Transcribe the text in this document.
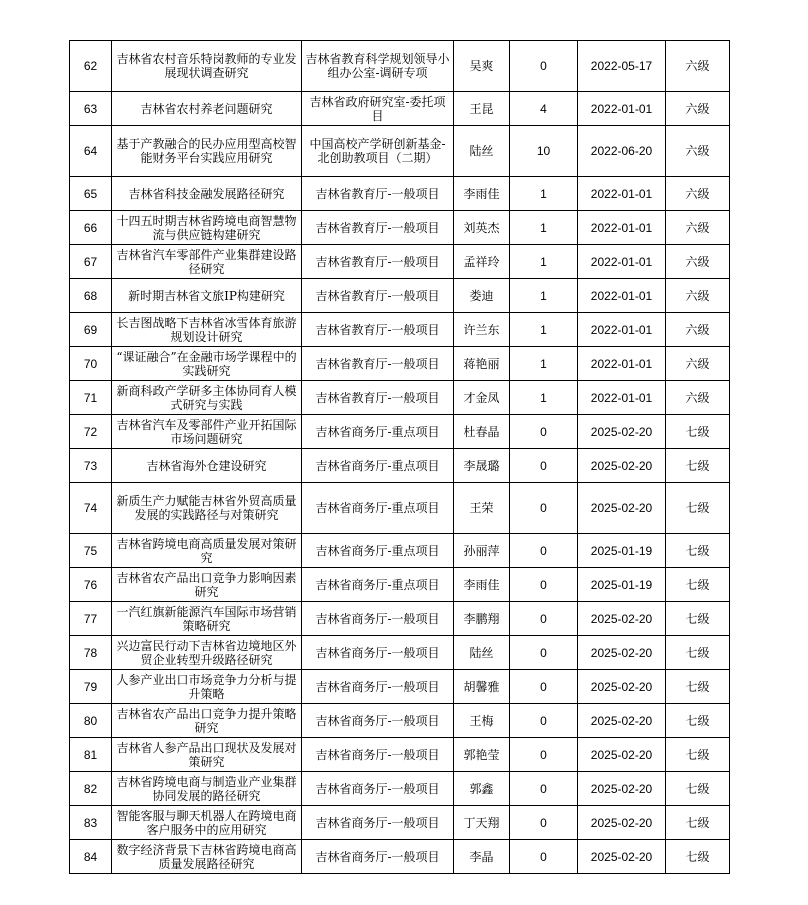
62	吉林省农村音乐特岗教师的专业发展现状调查研究	吉林省教育科学规划领导小组办公室-调研专项	吴爽	0	2022-05-17	六级
63	吉林省农村养老问题研究	吉林省政府研究室-委托项目	王昆	4	2022-01-01	六级
64	基于产教融合的民办应用型高校智能财务平台实践应用研究	中国高校产学研创新基金-北创助教项目（二期）	陆丝	10	2022-06-20	六级
65	吉林省科技金融发展路径研究	吉林省教育厅-一般项目	李雨佳	1	2022-01-01	六级
66	十四五时期吉林省跨境电商智慧物流与供应链构建研究	吉林省教育厅-一般项目	刘英杰	1	2022-01-01	六级
67	吉林省汽车零部件产业集群建设路径研究	吉林省教育厅-一般项目	孟祥玲	1	2022-01-01	六级
68	新时期吉林省文旅IP构建研究	吉林省教育厅-一般项目	娄迪	1	2022-01-01	六级
69	长吉图战略下吉林省冰雪体育旅游规划设计研究	吉林省教育厅-一般项目	许兰东	1	2022-01-01	六级
70	“课证融合”在金融市场学课程中的实践研究	吉林省教育厅-一般项目	蒋艳丽	1	2022-01-01	六级
71	新商科政产学研多主体协同育人模式研究与实践	吉林省教育厅-一般项目	才金凤	1	2022-01-01	六级
72	吉林省汽车及零部件产业开拓国际市场问题研究	吉林省商务厅-重点项目	杜春晶	0	2025-02-20	七级
73	吉林省海外仓建设研究	吉林省商务厅-重点项目	李晟璐	0	2025-02-20	七级
74	新质生产力赋能吉林省外贸高质量发展的实践路径与对策研究	吉林省商务厅-重点项目	王荣	0	2025-02-20	七级
75	吉林省跨境电商高质量发展对策研究	吉林省商务厅-重点项目	孙丽萍	0	2025-01-19	七级
76	吉林省农产品出口竞争力影响因素研究	吉林省商务厅-重点项目	李雨佳	0	2025-01-19	七级
77	一汽红旗新能源汽车国际市场营销策略研究	吉林省商务厅-一般项目	李鹏翔	0	2025-02-20	七级
78	兴边富民行动下吉林省边境地区外贸企业转型升级路径研究	吉林省商务厅-一般项目	陆丝	0	2025-02-20	七级
79	人参产业出口市场竞争力分析与提升策略	吉林省商务厅-一般项目	胡馨雅	0	2025-02-20	七级
80	吉林省农产品出口竞争力提升策略研究	吉林省商务厅-一般项目	王梅	0	2025-02-20	七级
81	吉林省人参产品出口现状及发展对策研究	吉林省商务厅-一般项目	郭艳莹	0	2025-02-20	七级
82	吉林省跨境电商与制造业产业集群协同发展的路径研究	吉林省商务厅-一般项目	郭鑫	0	2025-02-20	七级
83	智能客服与聊天机器人在跨境电商客户服务中的应用研究	吉林省商务厅-一般项目	丁天翔	0	2025-02-20	七级
84	数字经济背景下吉林省跨境电商高质量发展路径研究	吉林省商务厅-一般项目	李晶	0	2025-02-20	七级
